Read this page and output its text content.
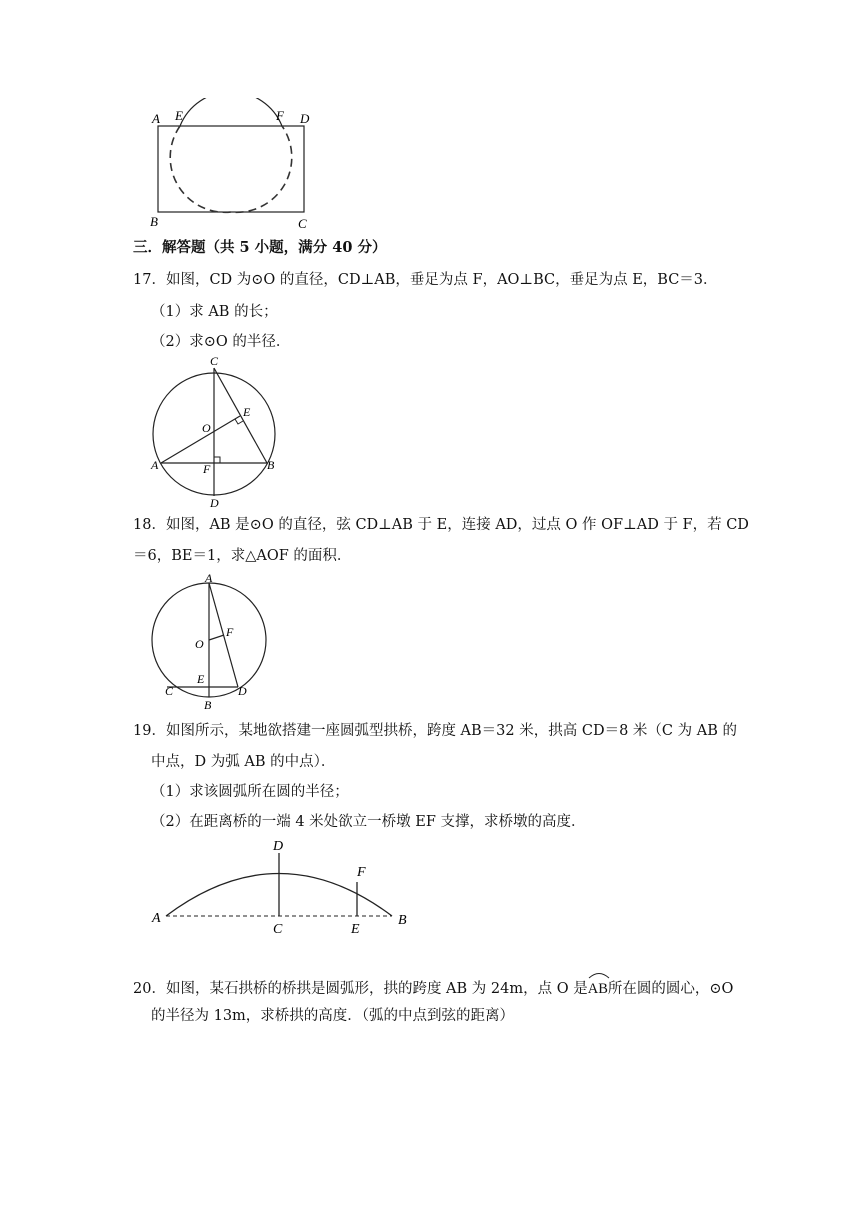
A E	F D
B	C
三．解答题（共 5 小题，满分 40 分）
17．如图，CD 为⊙O 的直径，CD⊥AB，垂足为点 F，AO⊥BC，垂足为点 E，BC＝3．
（1）求 AB 的长；
（2）求⊙O 的半径．
C
E
O
A	B
F
D
18．如图，AB 是⊙O 的直径，弦 CD⊥AB 于 E，连接 AD，过点 O 作 OF⊥AD 于 F，若 CD
＝6，BE＝1，求△AOF 的面积．
A
F
O
E
C	D
B
19．如图所示，某地欲搭建一座圆弧型拱桥，跨度 AB＝32 米，拱高 CD＝8 米（C 为 AB 的
中点，D 为弧 AB 的中点）．
（1）求该圆弧所在圆的半径；
（2）在距离桥的一端 4 米处欲立一桥墩 EF 支撑，求桥墩的高度．
D
F
A
C	E
B
20．如图，某石拱桥的桥拱是圆弧形，拱的跨度 AB 为 24m，点 O 是
AB所在圆的圆心，⊙O
的半径为 13m，求桥拱的高度．（弧的中点到弦的距离）
